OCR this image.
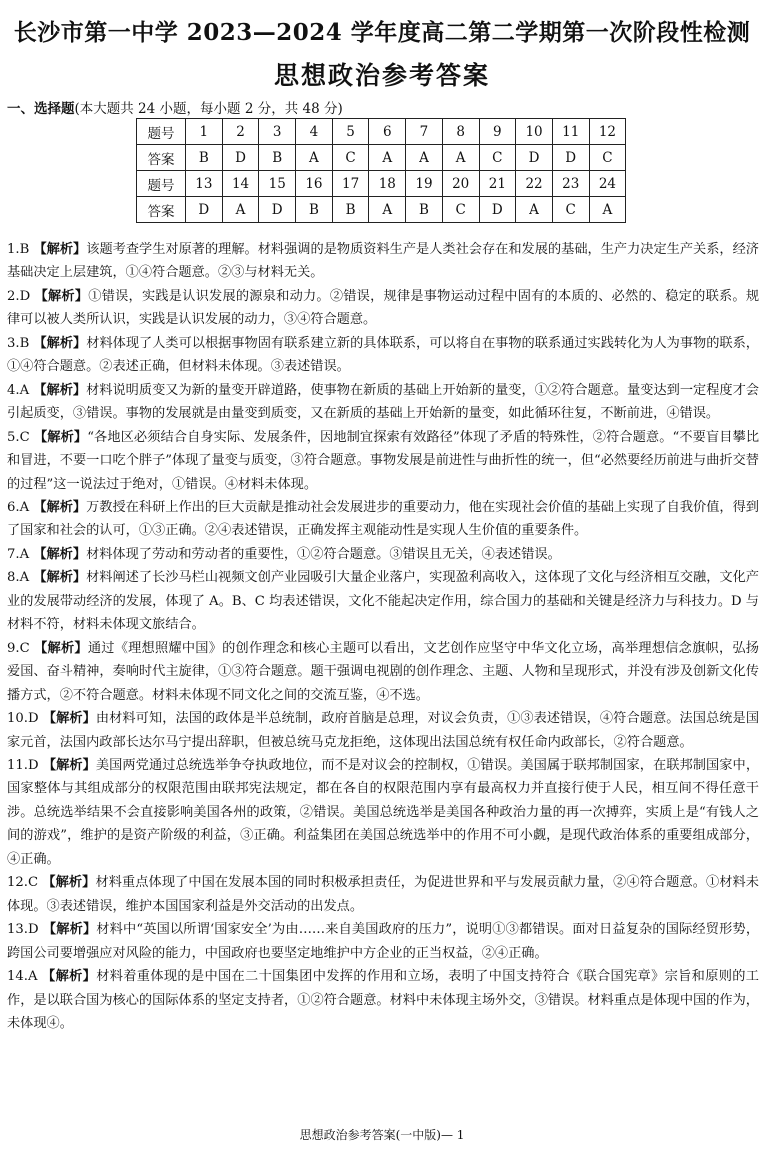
长沙市第一中学 2023—2024 学年度高二第二学期第一次阶段性检测
思想政治参考答案
一、选择题(本大题共 24 小题，每小题 2 分，共 48 分)
题号	1	2	3	4	5	6	7	8	9	10	11	12
答案	B	D	B	A	C	A	A	A	C	D	D	C
题号	13	14	15	16	17	18	19	20	21	22	23	24
答案	D	A	D	B	B	A	B	C	D	A	C	A

1.B 【解析】该题考查学生对原著的理解。材料强调的是物质资料生产是人类社会存在和发展的基础，生产力决定生产关系，经济基础决定上层建筑，①④符合题意。②③与材料无关。

2.D 【解析】①错误，实践是认识发展的源泉和动力。②错误，规律是事物运动过程中固有的本质的、必然的、稳定的联系。规律可以被人类所认识，实践是认识发展的动力，③④符合题意。

3.B 【解析】材料体现了人类可以根据事物固有联系建立新的具体联系，可以将自在事物的联系通过实践转化为人为事物的联系，①④符合题意。②表述正确，但材料未体现。③表述错误。

4.A 【解析】材料说明质变又为新的量变开辟道路，使事物在新质的基础上开始新的量变，①②符合题意。量变达到一定程度才会引起质变，③错误。事物的发展就是由量变到质变，又在新质的基础上开始新的量变，如此循环往复，不断前进，④错误。

5.C 【解析】“各地区必须结合自身实际、发展条件，因地制宜探索有效路径”体现了矛盾的特殊性，②符合题意。“不要盲目攀比和冒进，不要一口吃个胖子”体现了量变与质变，③符合题意。事物发展是前进性与曲折性的统一，但“必然要经历前进与曲折交替的过程”这一说法过于绝对，①错误。④材料未体现。

6.A 【解析】万教授在科研上作出的巨大贡献是推动社会发展进步的重要动力，他在实现社会价值的基础上实现了自我价值，得到了国家和社会的认可，①③正确。②④表述错误，正确发挥主观能动性是实现人生价值的重要条件。

7.A 【解析】材料体现了劳动和劳动者的重要性，①②符合题意。③错误且无关，④表述错误。

8.A 【解析】材料阐述了长沙马栏山视频文创产业园吸引大量企业落户，实现盈利高收入，这体现了文化与经济相互交融，文化产业的发展带动经济的发展，体现了 A。B、C 均表述错误，文化不能起决定作用，综合国力的基础和关键是经济力与科技力。D 与材料不符，材料未体现文旅结合。

9.C 【解析】通过《理想照耀中国》的创作理念和核心主题可以看出，文艺创作应坚守中华文化立场，高举理想信念旗帜，弘扬爱国、奋斗精神，奏响时代主旋律，①③符合题意。题干强调电视剧的创作理念、主题、人物和呈现形式，并没有涉及创新文化传播方式，②不符合题意。材料未体现不同文化之间的交流互鉴，④不选。

10.D 【解析】由材料可知，法国的政体是半总统制，政府首脑是总理，对议会负责，①③表述错误，④符合题意。法国总统是国家元首，法国内政部长达尔马宁提出辞职，但被总统马克龙拒绝，这体现出法国总统有权任命内政部长，②符合题意。

11.D 【解析】美国两党通过总统选举争夺执政地位，而不是对议会的控制权，①错误。美国属于联邦制国家，在联邦制国家中，国家整体与其组成部分的权限范围由联邦宪法规定，都在各自的权限范围内享有最高权力并直接行使于人民，相互间不得任意干涉。总统选举结果不会直接影响美国各州的政策，②错误。美国总统选举是美国各种政治力量的再一次搏弈，实质上是“有钱人之间的游戏”，维护的是资产阶级的利益，③正确。利益集团在美国总统选举中的作用不可小觑，是现代政治体系的重要组成部分，④正确。

12.C 【解析】材料重点体现了中国在发展本国的同时积极承担责任，为促进世界和平与发展贡献力量，②④符合题意。①材料未体现。③表述错误，维护本国国家利益是外交活动的出发点。

13.D 【解析】材料中“英国以所谓‘国家安全’为由……来自美国政府的压力”，说明①③都错误。面对日益复杂的国际经贸形势，跨国公司要增强应对风险的能力，中国政府也要坚定地维护中方企业的正当权益，②④正确。

14.A 【解析】材料着重体现的是中国在二十国集团中发挥的作用和立场，表明了中国支持符合《联合国宪章》宗旨和原则的工作，是以联合国为核心的国际体系的坚定支持者，①②符合题意。材料中未体现主场外交，③错误。材料重点是体现中国的作为，未体现④。

思想政治参考答案(一中版)— 1
